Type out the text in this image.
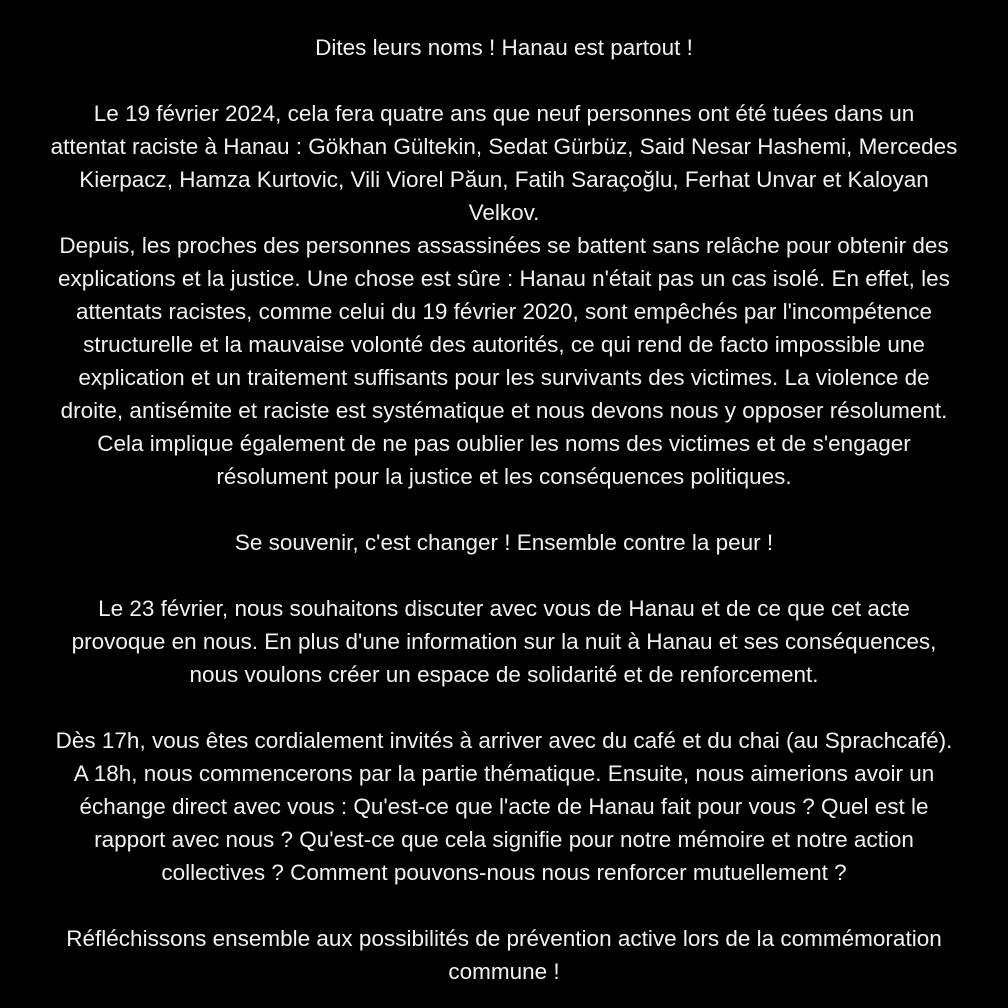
Dites leurs noms ! Hanau est partout !
Le 19 février 2024, cela fera quatre ans que neuf personnes ont été tuées dans un
attentat raciste à Hanau : Gökhan Gültekin, Sedat Gürbüz, Said Nesar Hashemi, Mercedes
Kierpacz, Hamza Kurtovic, Vili Viorel Păun, Fatih Saraçoğlu, Ferhat Unvar et Kaloyan
Velkov.
Depuis, les proches des personnes assassinées se battent sans relâche pour obtenir des
explications et la justice. Une chose est sûre : Hanau n'était pas un cas isolé. En effet, les
attentats racistes, comme celui du 19 février 2020, sont empêchés par l'incompétence
structurelle et la mauvaise volonté des autorités, ce qui rend de facto impossible une
explication et un traitement suffisants pour les survivants des victimes. La violence de
droite, antisémite et raciste est systématique et nous devons nous y opposer résolument.
Cela implique également de ne pas oublier les noms des victimes et de s'engager
résolument pour la justice et les conséquences politiques.
Se souvenir, c'est changer ! Ensemble contre la peur !
Le 23 février, nous souhaitons discuter avec vous de Hanau et de ce que cet acte
provoque en nous. En plus d'une information sur la nuit à Hanau et ses conséquences,
nous voulons créer un espace de solidarité et de renforcement.
Dès 17h, vous êtes cordialement invités à arriver avec du café et du chai (au Sprachcafé).
A 18h, nous commencerons par la partie thématique. Ensuite, nous aimerions avoir un
échange direct avec vous : Qu'est-ce que l'acte de Hanau fait pour vous ? Quel est le
rapport avec nous ? Qu'est-ce que cela signifie pour notre mémoire et notre action
collectives ? Comment pouvons-nous nous renforcer mutuellement ?
Réfléchissons ensemble aux possibilités de prévention active lors de la commémoration
commune !
